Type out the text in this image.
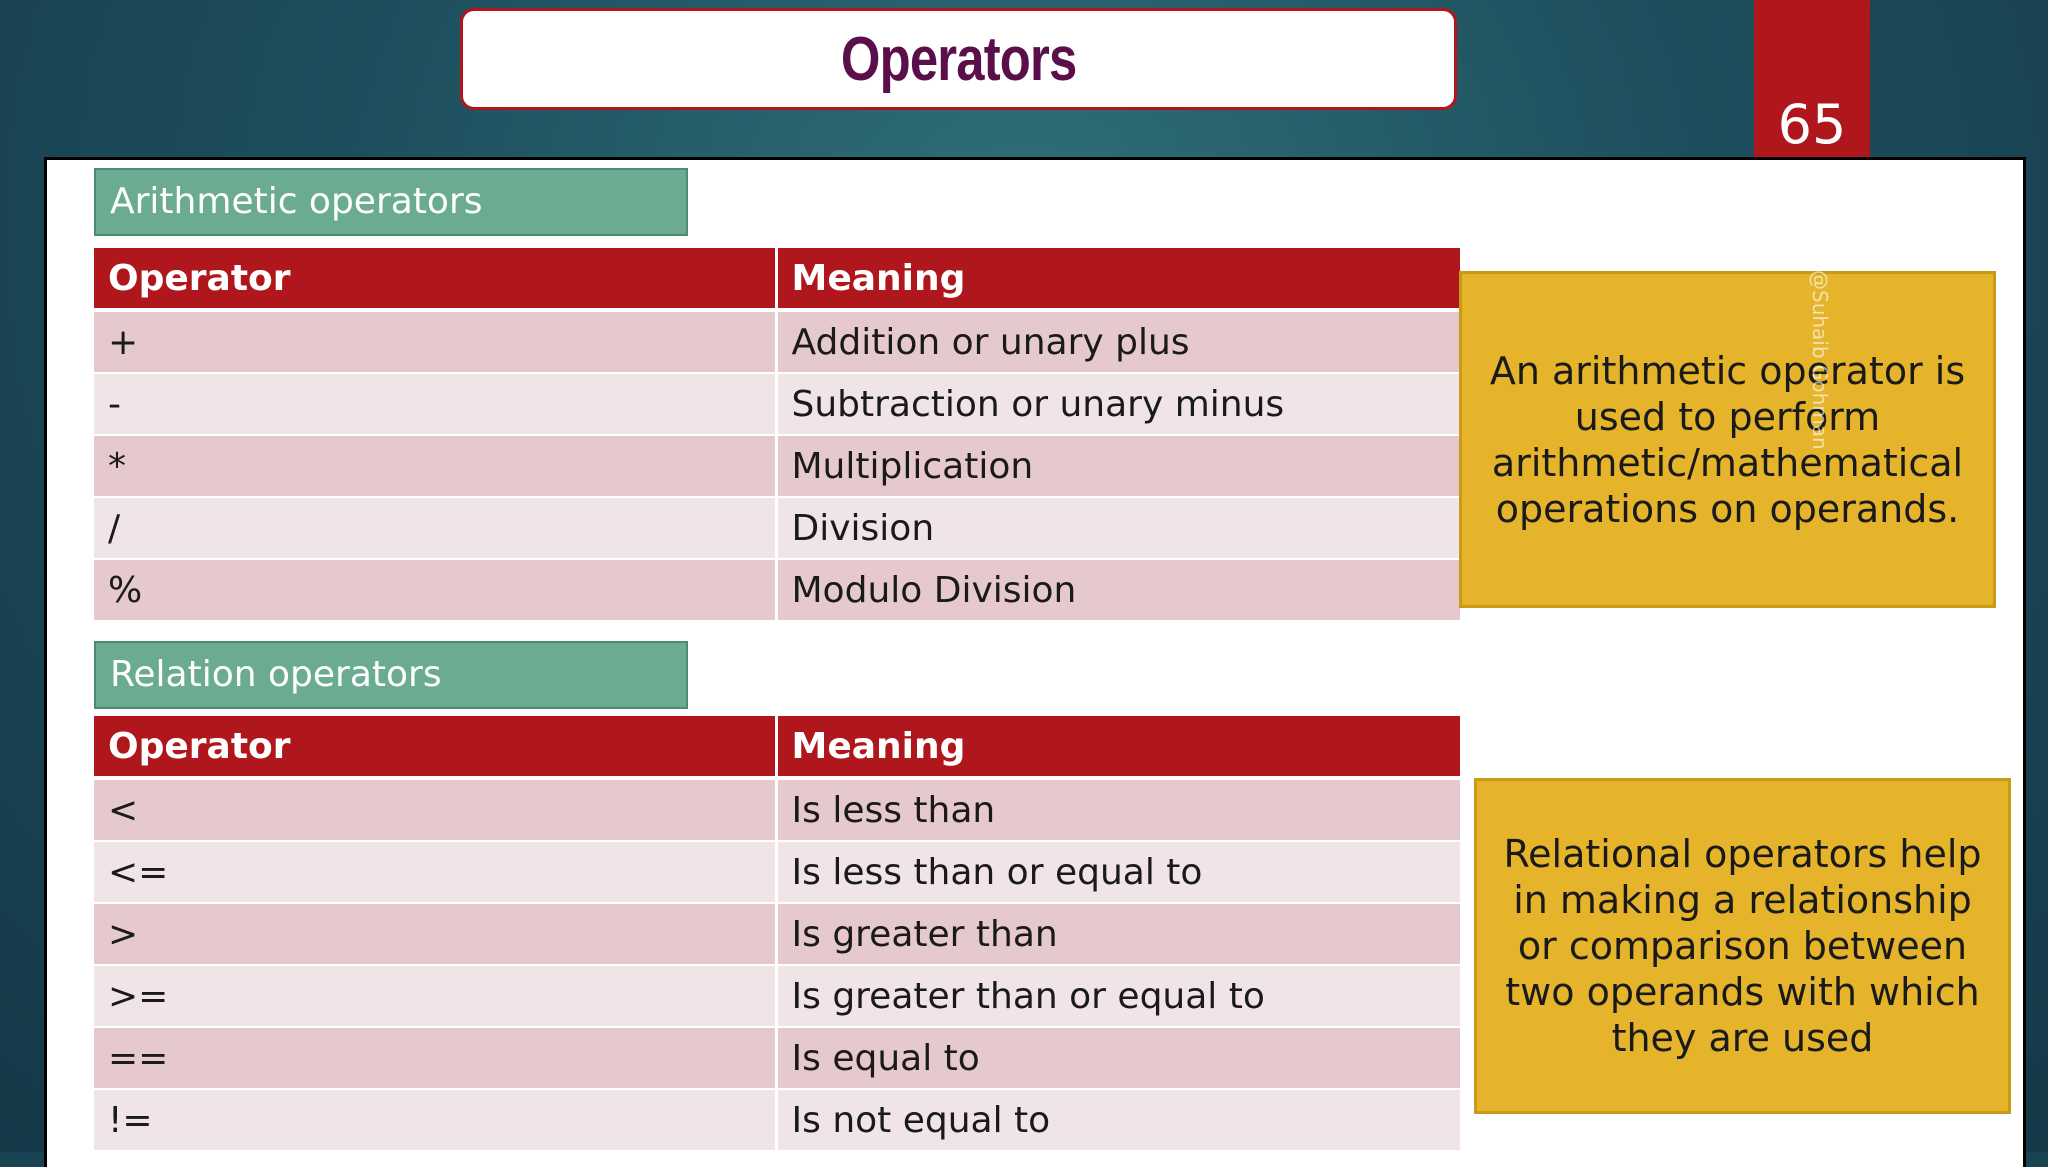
Operators
65
Arithmetic operators
Operator	Meaning
+	Addition or unary plus
-	Subtraction or unary minus
*	Multiplication
/	Division
%	Modulo Division
An arithmetic operator is used to perform arithmetic/mathematical operations on operands.
Relation operators
Operator	Meaning
<	Is less than
<=	Is less than or equal to
>	Is greater than
>=	Is greater than or equal to
==	Is equal to
!=	Is not equal to
Relational operators help in making a relationship or comparison between two operands with which they are used
@Suhaib Gohman
